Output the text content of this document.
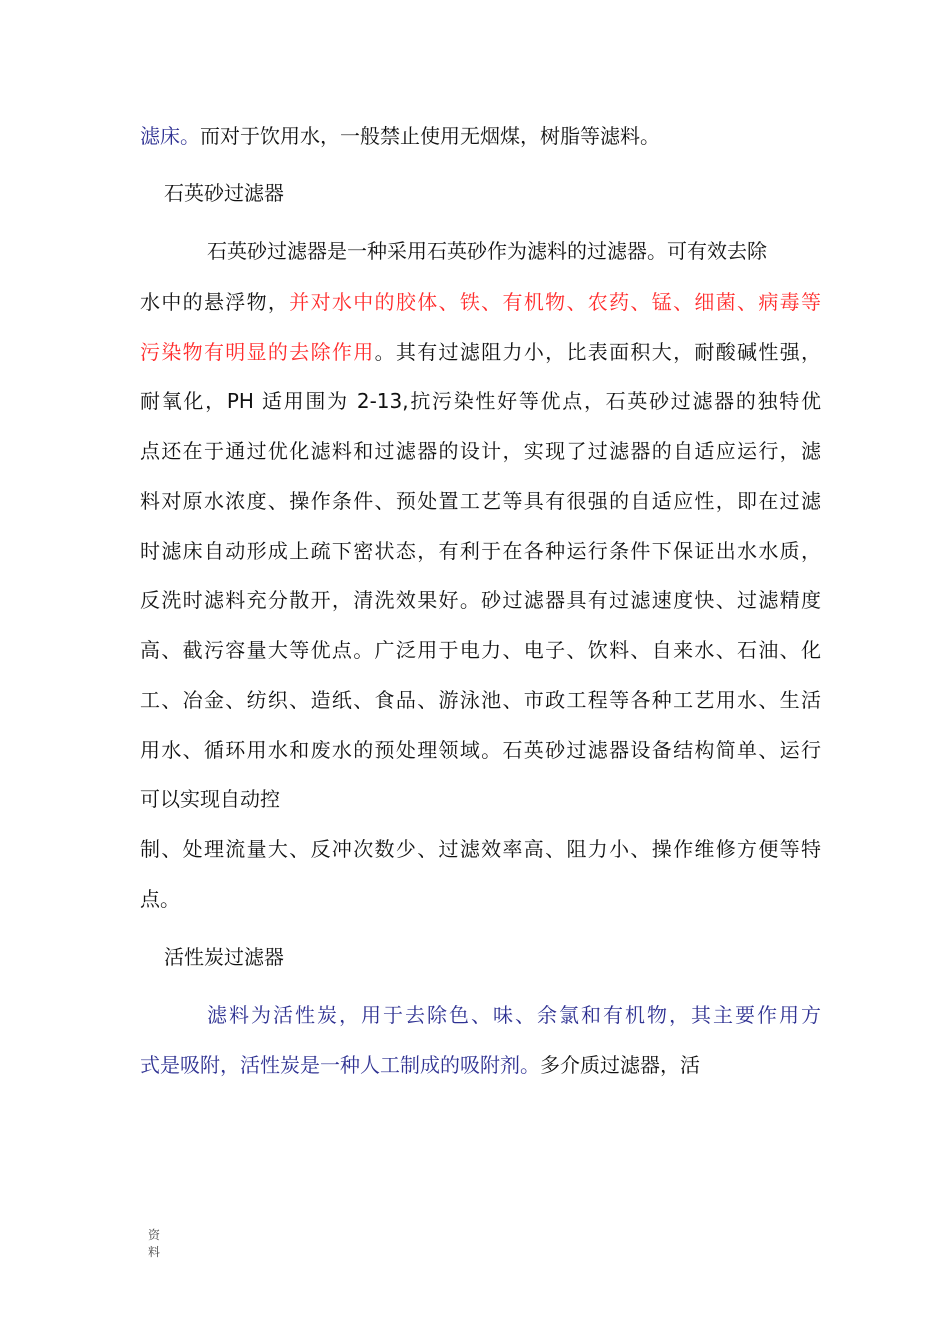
滤床。而对于饮用水，一般禁止使用无烟煤，树脂等滤料。
石英砂过滤器
石英砂过滤器是一种采用石英砂作为滤料的过滤器。可有效去除
水中的悬浮物，并对水中的胶体、铁、有机物、农药、锰、细菌、病毒等
污染物有明显的去除作用。其有过滤阻力小，比表面积大，耐酸碱性强，
耐氧化，PH 适用围为 2-13,抗污染性好等优点，石英砂过滤器的独特优
点还在于通过优化滤料和过滤器的设计，实现了过滤器的自适应运行，滤
料对原水浓度、操作条件、预处置工艺等具有很强的自适应性，即在过滤
时滤床自动形成上疏下密状态，有利于在各种运行条件下保证出水水质，
反洗时滤料充分散开，清洗效果好。砂过滤器具有过滤速度快、过滤精度
高、截污容量大等优点。广泛用于电力、电子、饮料、自来水、石油、化
工、冶金、纺织、造纸、食品、游泳池、市政工程等各种工艺用水、生活
用水、循环用水和废水的预处理领域。石英砂过滤器设备结构简单、运行
可以实现自动控
制、处理流量大、反冲次数少、过滤效率高、阻力小、操作维修方便等特
点。
活性炭过滤器
滤料为活性炭，用于去除色、味、余氯和有机物，其主要作用方
式是吸附，活性炭是一种人工制成的吸附剂。多介质过滤器，活
资
料
